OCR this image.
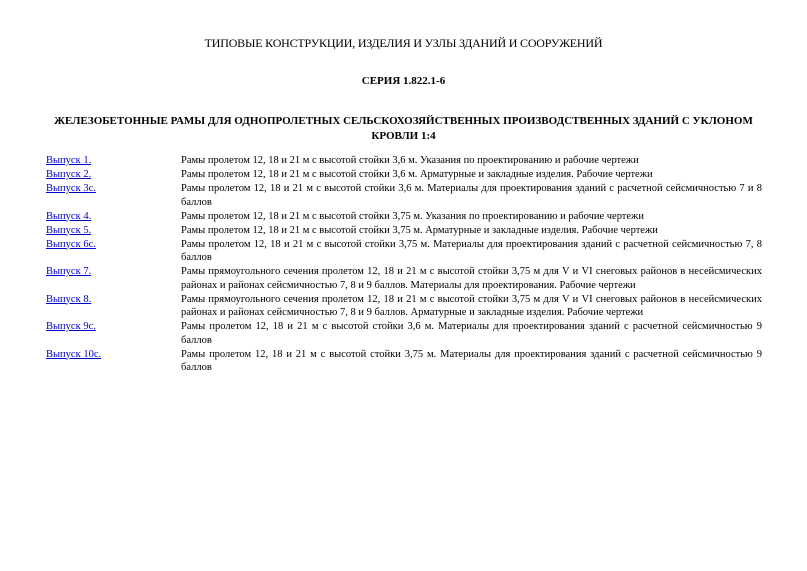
ТИПОВЫЕ КОНСТРУКЦИИ, ИЗДЕЛИЯ И УЗЛЫ ЗДАНИЙ И СООРУЖЕНИЙ
СЕРИЯ 1.822.1-6
ЖЕЛЕЗОБЕТОННЫЕ РАМЫ ДЛЯ ОДНОПРОЛЕТНЫХ СЕЛЬСКОХОЗЯЙСТВЕННЫХ ПРОИЗВОДСТВЕННЫХ ЗДАНИЙ С УКЛОНОМ КРОВЛИ 1:4
Выпуск 1.	Рамы пролетом 12, 18 и 21 м с высотой стойки 3,6 м. Указания по проектированию и рабочие чертежи
Выпуск 2.	Рамы пролетом 12, 18 и 21 м с высотой стойки 3,6 м. Арматурные и закладные изделия. Рабочие чертежи
Выпуск 3с.	Рамы пролетом 12, 18 и 21 м с высотой стойки 3,6 м. Материалы для проектирования зданий с расчетной сейсмичностью 7 и 8 баллов
Выпуск 4.	Рамы пролетом 12, 18 и 21 м с высотой стойки 3,75 м. Указания по проектированию и рабочие чертежи
Выпуск 5.	Рамы пролетом 12, 18 и 21 м с высотой стойки 3,75 м. Арматурные и закладные изделия. Рабочие чертежи
Выпуск 6с.	Рамы пролетом 12, 18 и 21 м с высотой стойки 3,75 м. Материалы для проектирования зданий с расчетной сейсмичностью 7, 8 баллов
Выпуск 7.	Рамы прямоугольного сечения пролетом 12, 18 и 21 м с высотой стойки 3,75 м для V и VI снеговых районов в несейсмических районах и районах сейсмичностью 7, 8 и 9 баллов. Материалы для проектирования. Рабочие чертежи
Выпуск 8.	Рамы прямоугольного сечения пролетом 12, 18 и 21 м с высотой стойки 3,75 м для V и VI снеговых районов в несейсмических районах и районах сейсмичностью 7, 8 и 9 баллов. Арматурные и закладные изделия. Рабочие чертежи
Выпуск 9с.	Рамы пролетом 12, 18 и 21 м с высотой стойки 3,6 м. Материалы для проектирования зданий с расчетной сейсмичностью 9 баллов
Выпуск 10с.	Рамы пролетом 12, 18 и 21 м с высотой стойки 3,75 м. Материалы для проектирования зданий с расчетной сейсмичностью 9 баллов
